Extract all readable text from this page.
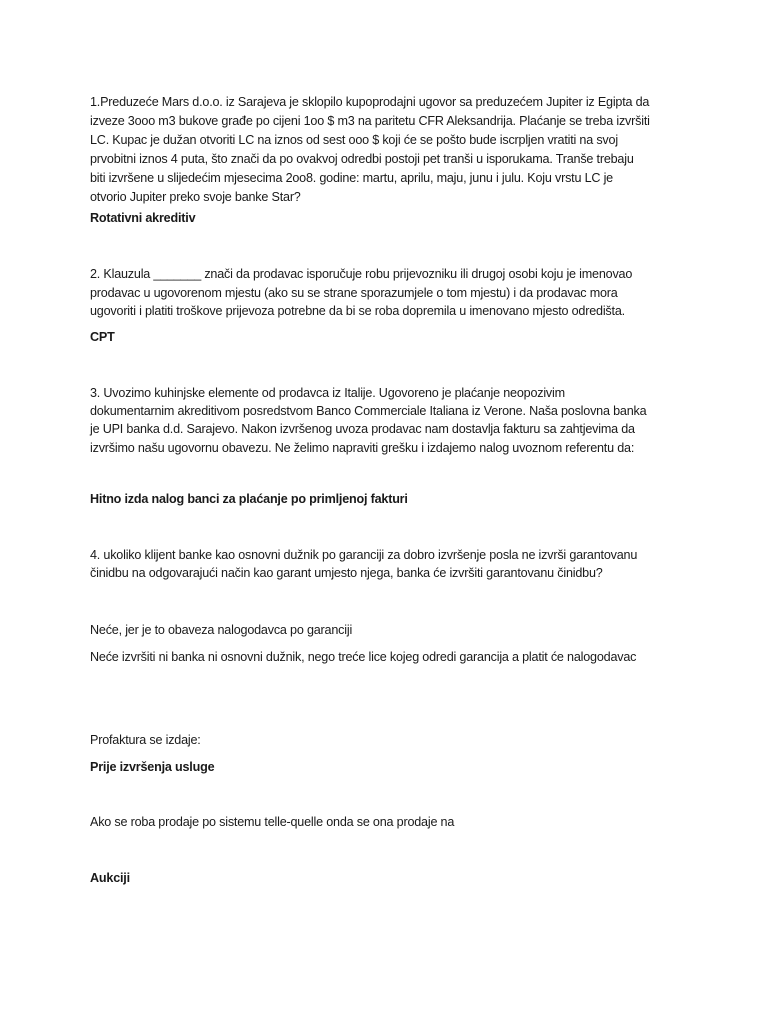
1.Preduzeće Mars d.o.o. iz Sarajeva je sklopilo kupoprodajni ugovor sa preduzećem Jupiter iz Egipta da
izveze 3ooo m3 bukove građe po cijeni 1oo $ m3 na paritetu CFR Aleksandrija. Plaćanje se treba izvršiti
LC. Kupac je dužan otvoriti LC na iznos od sest ooo $ koji će se pošto bude iscrpljen vratiti na svoj
prvobitni iznos 4 puta, što znači da po ovakvoj odredbi postoji pet tranši u isporukama. Tranše trebaju
biti izvršene u slijedećim mjesecima 2oo8. godine: martu, aprilu, maju, junu i julu. Koju vrstu LC je
otvorio Jupiter preko svoje banke Star?
Rotativni akreditiv
2. Klauzula _______ znači da prodavac isporučuje robu prijevozniku ili drugoj osobi koju je imenovao
prodavac u ugovorenom mjestu (ako su se strane sporazumjele o tom mjestu) i da prodavac mora
ugovoriti i platiti troškove prijevoza potrebne da bi se roba dopremila u imenovano mjesto odredišta.
CPT
3. Uvozimo kuhinjske elemente od prodavca iz Italije. Ugovoreno je plaćanje neopozivim
dokumentarnim akreditivom posredstvom Banco Commerciale Italiana iz Verone. Naša poslovna banka
je UPI banka d.d. Sarajevo. Nakon izvršenog uvoza prodavac nam dostavlja fakturu sa zahtjevima da
izvršimo našu ugovornu obavezu. Ne želimo napraviti grešku i izdajemo nalog uvoznom referentu da:
Hitno izda nalog banci za plaćanje po primljenoj fakturi
4. ukoliko klijent banke kao osnovni dužnik po garanciji za dobro izvršenje posla ne izvrši garantovanu
činidbu na odgovarajući način kao garant umjesto njega, banka će izvršiti garantovanu činidbu?
Neće, jer je to obaveza nalogodavca po garanciji
Neće izvršiti ni banka ni osnovni dužnik, nego treće lice kojeg odredi garancija a platit će nalogodavac
Profaktura se izdaje:
Prije izvršenja usluge
Ako se roba prodaje po sistemu telle-quelle onda se ona prodaje na
Aukciji
